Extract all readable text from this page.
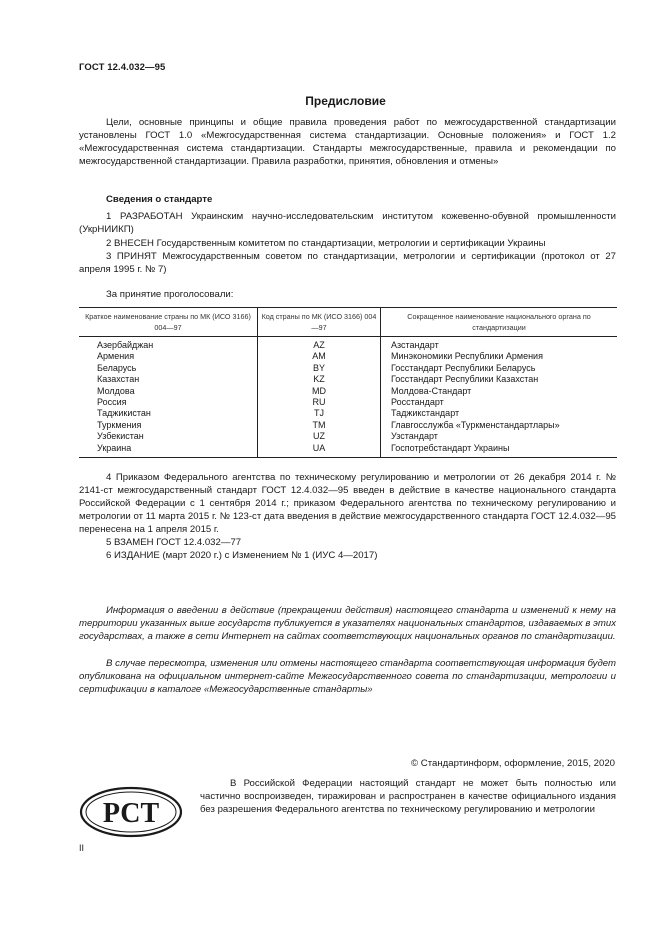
ГОСТ 12.4.032—95
Предисловие
Цели, основные принципы и общие правила проведения работ по межгосударственной стандартизации установлены ГОСТ 1.0 «Межгосударственная система стандартизации. Основные положения» и ГОСТ 1.2 «Межгосударственная система стандартизации. Стандарты межгосударственные, правила и рекомендации по межгосударственной стандартизации. Правила разработки, принятия, обновления и отмены»
Сведения о стандарте
1 РАЗРАБОТАН Украинским научно-исследовательским институтом кожевенно-обувной промышленности (УкрНИИКП)
2 ВНЕСЕН Государственным комитетом по стандартизации, метрологии и сертификации Украины
3 ПРИНЯТ Межгосударственным советом по стандартизации, метрологии и сертификации (протокол от 27 апреля 1995 г. № 7)
За принятие проголосовали:
Краткое наименование страны по МК (ИСО 3166) 004—97	Код страны по МК (ИСО 3166) 004—97	Сокращенное наименование национального органа по стандартизации
Азербайджан	AZ	Азстандарт
Армения	AM	Минэкономики Республики Армения
Беларусь	BY	Госстандарт Республики Беларусь
Казахстан	KZ	Госстандарт Республики Казахстан
Молдова	MD	Молдова-Стандарт
Россия	RU	Росстандарт
Таджикистан	TJ	Таджикстандарт
Туркмения	TM	Главгосслужба «Туркменстандартлары»
Узбекистан	UZ	Узстандарт
Украина	UA	Госпотребстандарт Украины
4 Приказом Федерального агентства по техническому регулированию и метрологии от 26 декабря 2014 г. № 2141-ст межгосударственный стандарт ГОСТ 12.4.032—95 введен в действие в качестве национального стандарта Российской Федерации с 1 сентября 2014 г.; приказом Федерального агентства по техническому регулированию и метрологии от 11 марта 2015 г. № 123-ст дата введения в действие межгосударственного стандарта ГОСТ 12.4.032—95 перенесена на 1 апреля 2015 г.
5 ВЗАМЕН ГОСТ 12.4.032—77
6 ИЗДАНИЕ (март 2020 г.) с Изменением № 1 (ИУС 4—2017)
Информация о введении в действие (прекращении действия) настоящего стандарта и изменений к нему на территории указанных выше государств публикуется в указателях национальных стандартов, издаваемых в этих государствах, а также в сети Интернет на сайтах соответствующих национальных органов по стандартизации.
В случае пересмотра, изменения или отмены настоящего стандарта соответствующая информация будет опубликована на официальном интернет-сайте Межгосударственного совета по стандартизации, метрологии и сертификации в каталоге «Межгосударственные стандарты»
© Стандартинформ, оформление, 2015, 2020
РСТ
В Российской Федерации настоящий стандарт не может быть полностью или частично воспроизведен, тиражирован и распространен в качестве официального издания без разрешения Федерального агентства по техническому регулированию и метрологии
II
